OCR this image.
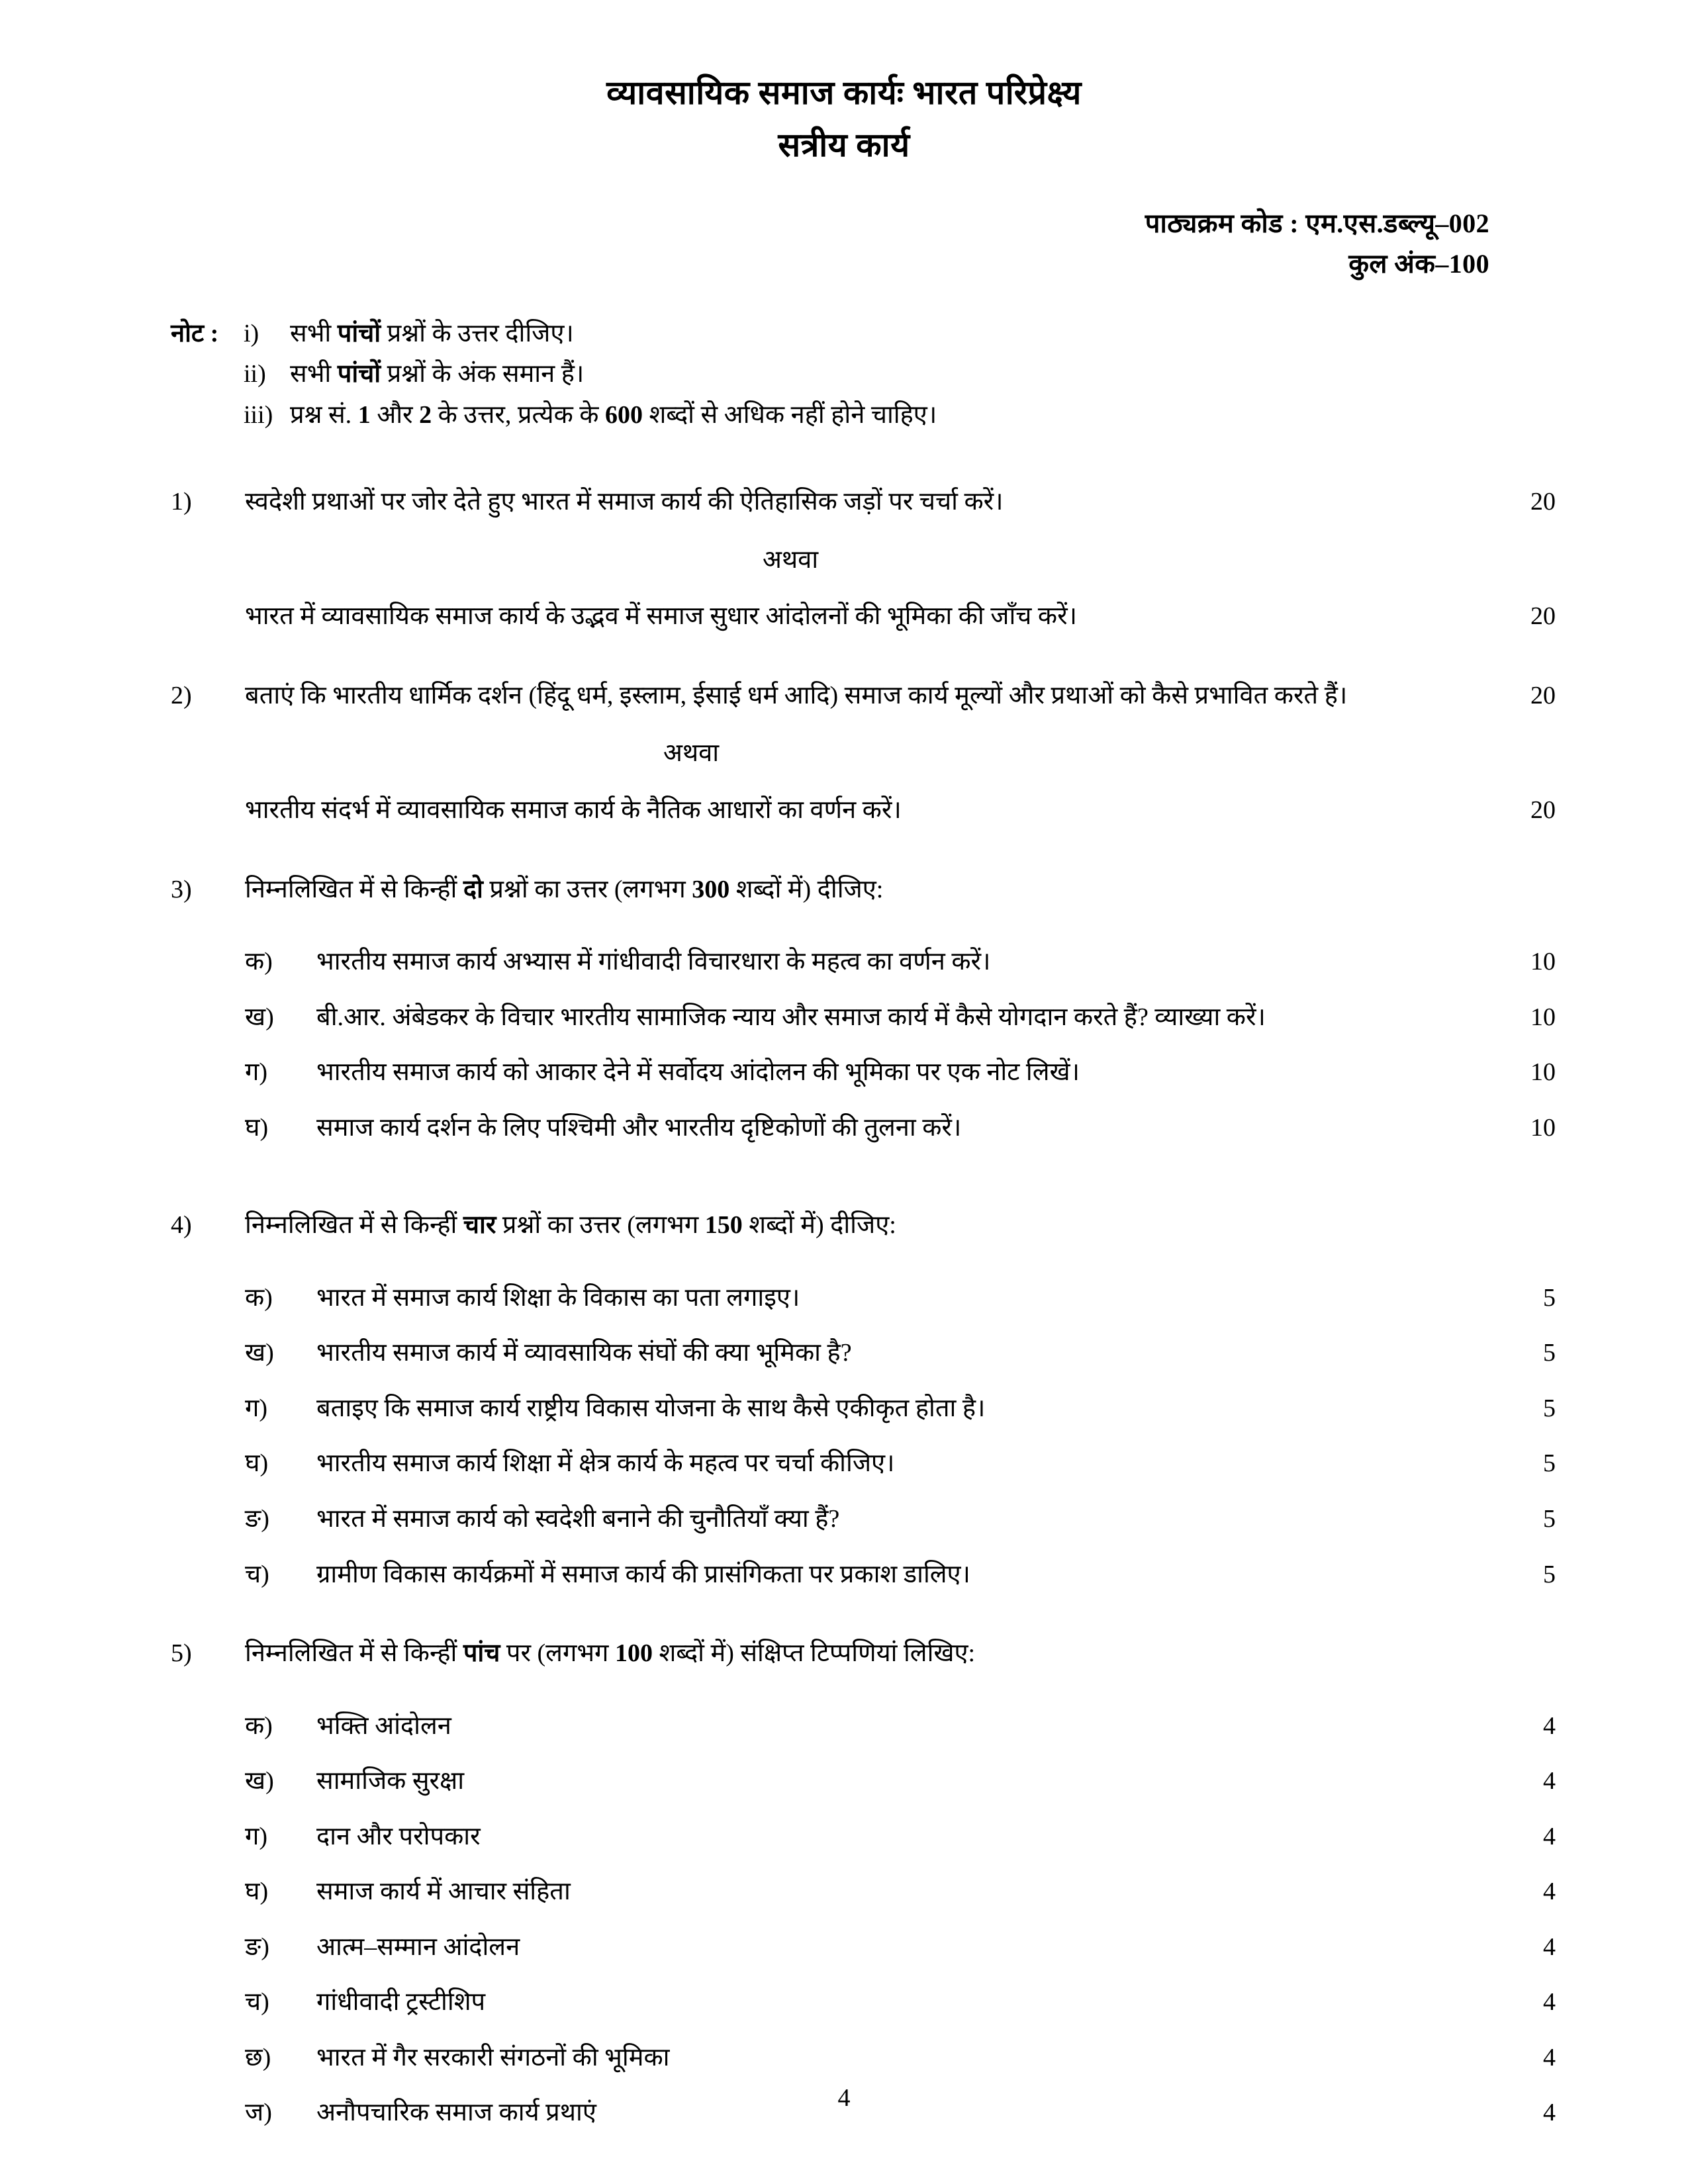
व्यावसायिक समाज कार्यः भारत परिप्रेक्ष्य
सत्रीय कार्य
पाठ्यक्रम कोड : एम.एस.डब्ल्यू–002
कुल अंक–100
नोट : i)	सभी पांचों प्रश्नों के उत्तर दीजिए।
ii) सभी पांचों प्रश्नों के अंक समान हैं।
iii) प्रश्न सं. 1 और 2 के उत्तर, प्रत्येक के 600 शब्दों से अधिक नहीं होने चाहिए।
1)	स्वदेशी प्रथाओं पर जोर देते हुए भारत में समाज कार्य की ऐतिहासिक जड़ों पर चर्चा करें।	20
अथवा
भारत में व्यावसायिक समाज कार्य के उद्भव में समाज सुधार आंदोलनों की भूमिका की जाँच करें।	20
2)	बताएं कि भारतीय धार्मिक दर्शन (हिंदू धर्म, इस्लाम, ईसाई धर्म आदि) समाज कार्य मूल्यों और प्रथाओं को कैसे प्रभावित करते हैं।	20
अथवा
भारतीय संदर्भ में व्यावसायिक समाज कार्य के नैतिक आधारों का वर्णन करें।	20
3)	निम्नलिखित में से किन्हीं दो प्रश्नों का उत्तर (लगभग 300 शब्दों में) दीजिए:
क)	भारतीय समाज कार्य अभ्यास में गांधीवादी विचारधारा के महत्व का वर्णन करें।	10
ख)	बी.आर. अंबेडकर के विचार भारतीय सामाजिक न्याय और समाज कार्य में कैसे योगदान करते हैं? व्याख्या करें।	10
ग)	भारतीय समाज कार्य को आकार देने में सर्वोदय आंदोलन की भूमिका पर एक नोट लिखें।	10
घ)	समाज कार्य दर्शन के लिए पश्चिमी और भारतीय दृष्टिकोणों की तुलना करें।	10
4)	निम्नलिखित में से किन्हीं चार प्रश्नों का उत्तर (लगभग 150 शब्दों में) दीजिए:
क)	भारत में समाज कार्य शिक्षा के विकास का पता लगाइए।	5
ख)	भारतीय समाज कार्य में व्यावसायिक संघों की क्या भूमिका है?	5
ग)	बताइए कि समाज कार्य राष्ट्रीय विकास योजना के साथ कैसे एकीकृत होता है।	5
घ)	भारतीय समाज कार्य शिक्षा में क्षेत्र कार्य के महत्व पर चर्चा कीजिए।	5
ङ)	भारत में समाज कार्य को स्वदेशी बनाने की चुनौतियाँ क्या हैं?	5
च)	ग्रामीण विकास कार्यक्रमों में समाज कार्य की प्रासंगिकता पर प्रकाश डालिए।	5
5)	निम्नलिखित में से किन्हीं पांच पर (लगभग 100 शब्दों में) संक्षिप्त टिप्पणियां लिखिए:
क)	भक्ति आंदोलन	4
ख)	सामाजिक सुरक्षा	4
ग)	दान और परोपकार	4
घ)	समाज कार्य में आचार संहिता	4
ङ)	आत्म–सम्मान आंदोलन	4
च)	गांधीवादी ट्रस्टीशिप	4
छ)	भारत में गैर सरकारी संगठनों की भूमिका	4
ज)	अनौपचारिक समाज कार्य प्रथाएं	4
4
